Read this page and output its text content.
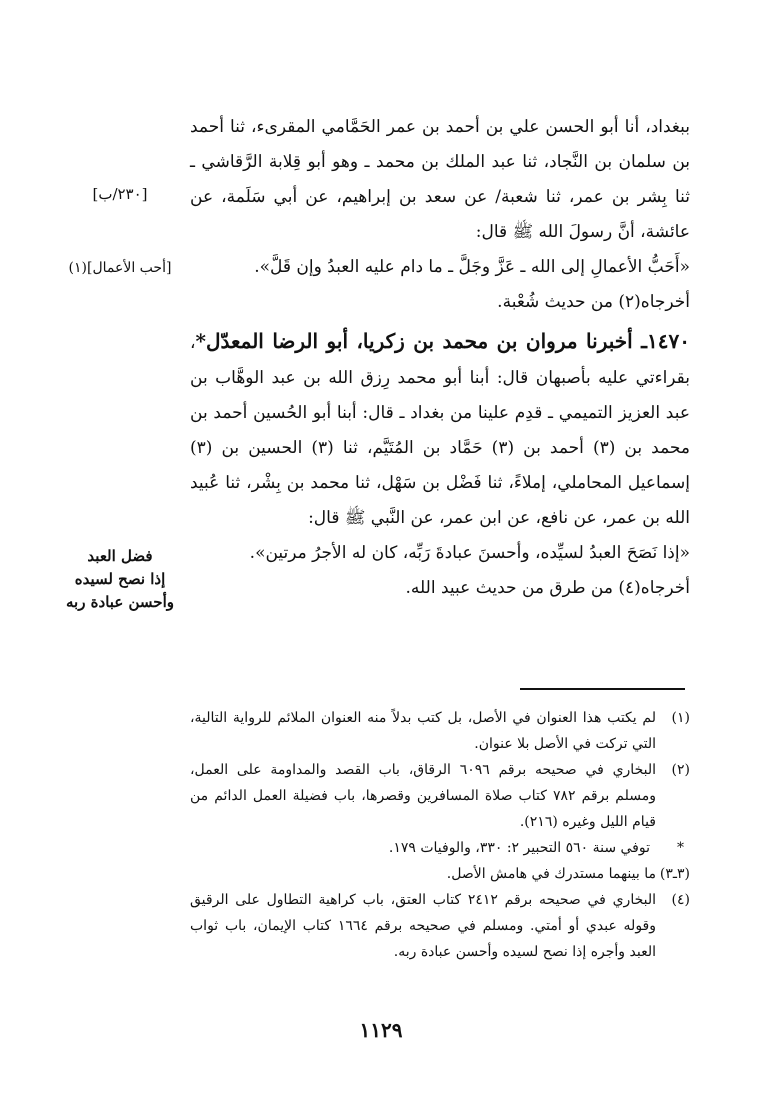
ببغداد، أنا أبو الحسن علي بن أحمد بن عمر الحَمَّامي المقرىء، ثنا أحمد بن سلمان بن النَّجاد، ثنا عبد الملك بن محمد ـ وهو أبو قِلابة الرَّقاشي ـ ثنا بِشر بن عمر، ثنا شعبة/ عن سعد بن إبراهيم، عن أبي سَلَمة، عن عائشة، أنَّ رسولَ الله ﷺ قال:

«أَحَبُّ الأعمالِ إلى الله ـ عَزَّ وجَلَّ ـ ما دام عليه العبدُ وإن قَلَّ».

أخرجاه(٢) من حديث شُعْبة.

١٤٧٠ـ أخبرنا مروان بن محمد بن زكريا، أبو الرضا المعدّل*، بقراءتي عليه بأصبهان قال: أبنا أبو محمد رِزق الله بن عبد الوهَّاب بن عبد العزيز التميمي ـ قدِم علينا من بغداد ـ قال: أبنا أبو الحُسين أحمد بن محمد بن (٣) أحمد بن (٣) حَمَّاد بن المُتَيَّم، ثنا (٣) الحسين بن (٣) إسماعيل المحاملي، إملاءً، ثنا فَضْل بن سَهْل، ثنا محمد بن بِشْر، ثنا عُبيد الله بن عمر، عن نافع، عن ابن عمر، عن النَّبي ﷺ قال:

«إذا نَصَحَ العبدُ لسيِّده، وأحسنَ عبادةَ رَبِّه، كان له الأجرُ مرتين».

أخرجاه(٤) من طرق من حديث عبيد الله.

[٢٣٠/ب]
[أحب الأعمال](١)
فضل العبد
إذا نصح لسيده
وأحسن عبادة ربه
(١)
لم يكتب هذا العنوان في الأصل، بل كتب بدلاً منه العنوان الملائم للرواية التالية، التي تركت في الأصل بلا عنوان.
(٢)
البخاري في صحيحه برقم ٦٠٩٦ الرقاق، باب القصد والمداومة على العمل، ومسلم برقم ٧٨٢ كتاب صلاة المسافرين وقصرها، باب فضيلة العمل الدائم من قيام الليل وغيره (٢١٦).
*
توفي سنة ٥٦٠ التحبير ٢: ٣٣٠، والوفيات ١٧٩.
(٣ـ٣)
ما بينهما مستدرك في هامش الأصل.
(٤)
البخاري في صحيحه برقم ٢٤١٢ كتاب العتق، باب كراهية التطاول على الرقيق وقوله عبدي أو أمتي. ومسلم في صحيحه برقم ١٦٦٤ كتاب الإيمان، باب ثواب العبد وأجره إذا نصح لسيده وأحسن عبادة ربه.
١١٢٩
